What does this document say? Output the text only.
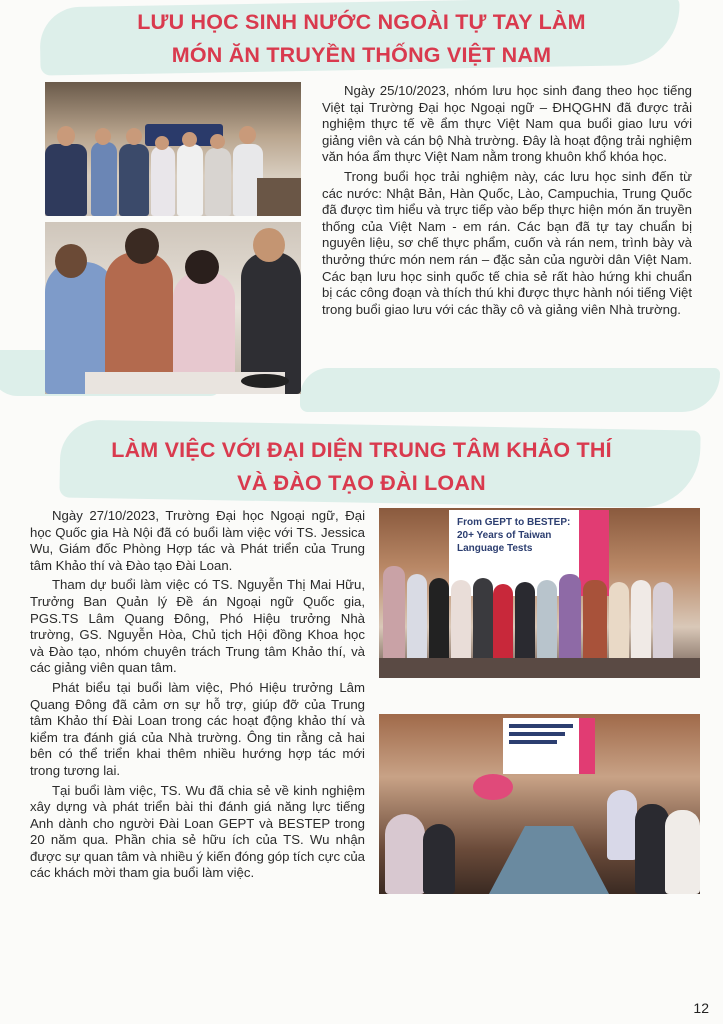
LƯU HỌC SINH NƯỚC NGOÀI TỰ TAY LÀM
MÓN ĂN TRUYỀN THỐNG VIỆT NAM

Ngày 25/10/2023, nhóm lưu học sinh đang theo học tiếng Việt tại Trường Đại học Ngoại ngữ – ĐHQGHN đã được trải nghiệm thực tế về ẩm thực Việt Nam qua buổi giao lưu với giảng viên và cán bộ Nhà trường. Đây là hoạt động trải nghiệm văn hóa ẩm thực Việt Nam nằm trong khuôn khổ khóa học.

Trong buổi học trải nghiệm này, các lưu học sinh đến từ các nước: Nhật Bản, Hàn Quốc, Lào, Campuchia, Trung Quốc đã được tìm hiểu và trực tiếp vào bếp thực hiện món ăn truyền thống của Việt Nam - em rán. Các bạn đã tự tay chuẩn bị nguyên liệu, sơ chế thực phẩm, cuốn và rán nem, trình bày và thưởng thức món nem rán – đặc sản của người dân Việt Nam. Các bạn lưu học sinh quốc tế chia sẻ rất hào hứng khi chuẩn bị các công đoạn và thích thú khi được thực hành nói tiếng Việt trong buổi giao lưu với các thầy cô và giảng viên Nhà trường.

LÀM VIỆC VỚI ĐẠI DIỆN TRUNG TÂM KHẢO THÍ
VÀ ĐÀO TẠO ĐÀI LOAN

Ngày 27/10/2023, Trường Đại học Ngoại ngữ, Đại học Quốc gia Hà Nội đã có buổi làm việc với TS. Jessica Wu, Giám đốc Phòng Hợp tác và Phát triển của Trung tâm Khảo thí và Đào tạo Đài Loan.

Tham dự buổi làm việc có TS. Nguyễn Thị Mai Hữu, Trưởng Ban Quản lý Đề án Ngoại ngữ Quốc gia, PGS.TS Lâm Quang Đông, Phó Hiệu trưởng Nhà trường, GS. Nguyễn Hòa, Chủ tịch Hội đồng Khoa học và Đào tạo, nhóm chuyên trách Trung tâm Khảo thí, và các giảng viên quan tâm.

Phát biểu tại buổi làm việc, Phó Hiệu trưởng Lâm Quang Đông đã cảm ơn sự hỗ trợ, giúp đỡ của Trung tâm Khảo thí Đài Loan trong các hoạt động khảo thí và kiểm tra đánh giá của Nhà trường. Ông tin rằng cả hai bên có thể triển khai thêm nhiều hướng hợp tác mới trong tương lai.

Tại buổi làm việc, TS. Wu đã chia sẻ về kinh nghiệm xây dựng và phát triển bài thi đánh giá năng lực tiếng Anh dành cho người Đài Loan GEPT và BESTEP trong 20 năm qua. Phần chia sẻ hữu ích của TS. Wu nhận được sự quan tâm và nhiều ý kiến đóng góp tích cực của các khách mời tham gia buổi làm việc.

From GEPT to BESTEP:
20+ Years of Taiwan
Language Tests
12
